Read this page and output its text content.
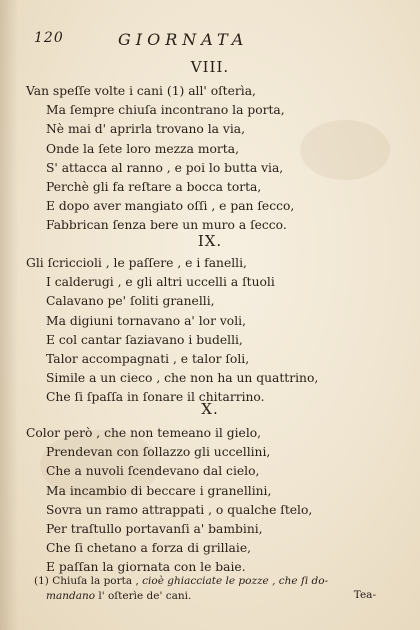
120	GIORNATA
VIII.
Van speſſe volte i cani (1) all' oſterìa,
Ma ſempre chiuſa incontrano la porta,
Nè mai d' aprirla trovano la via,
Onde la ſete loro mezza morta,
S' attacca al ranno , e poi lo butta via,
Perchè gli fa reſtare a bocca torta,
E dopo aver mangiato oſſi , e pan ſecco,
Fabbrican ſenza bere un muro a ſecco.
IX.
Gli ſcriccioli , le paſſere , e i fanelli,
I calderugi , e gli altri uccelli a ſtuoli
Calavano pe' ſoliti granelli,
Ma digiuni tornavano a' lor voli,
E col cantar ſaziavano i budelli,
Talor accompagnati , e talor ſoli,
Simile a un cieco , che non ha un quattrino,
Che ſi ſpaſſa in ſonare il chitarrino.
X.
Color però , che non temeano il gielo,
Prendevan con ſollazzo gli uccellini,
Che a nuvoli ſcendevano dal cielo,
Ma incambio di beccare i granellini,
Sovra un ramo attrappati , o qualche ſtelo,
Per traſtullo portavanſi a' bambini,
Che ſi chetano a forza di grillaie,
E paſſan la giornata con le baie.
(1) Chiuſa la porta , cioè ghiacciate le pozze , che ſi do-
mandano l' oſterìe de' cani.	Tea-
